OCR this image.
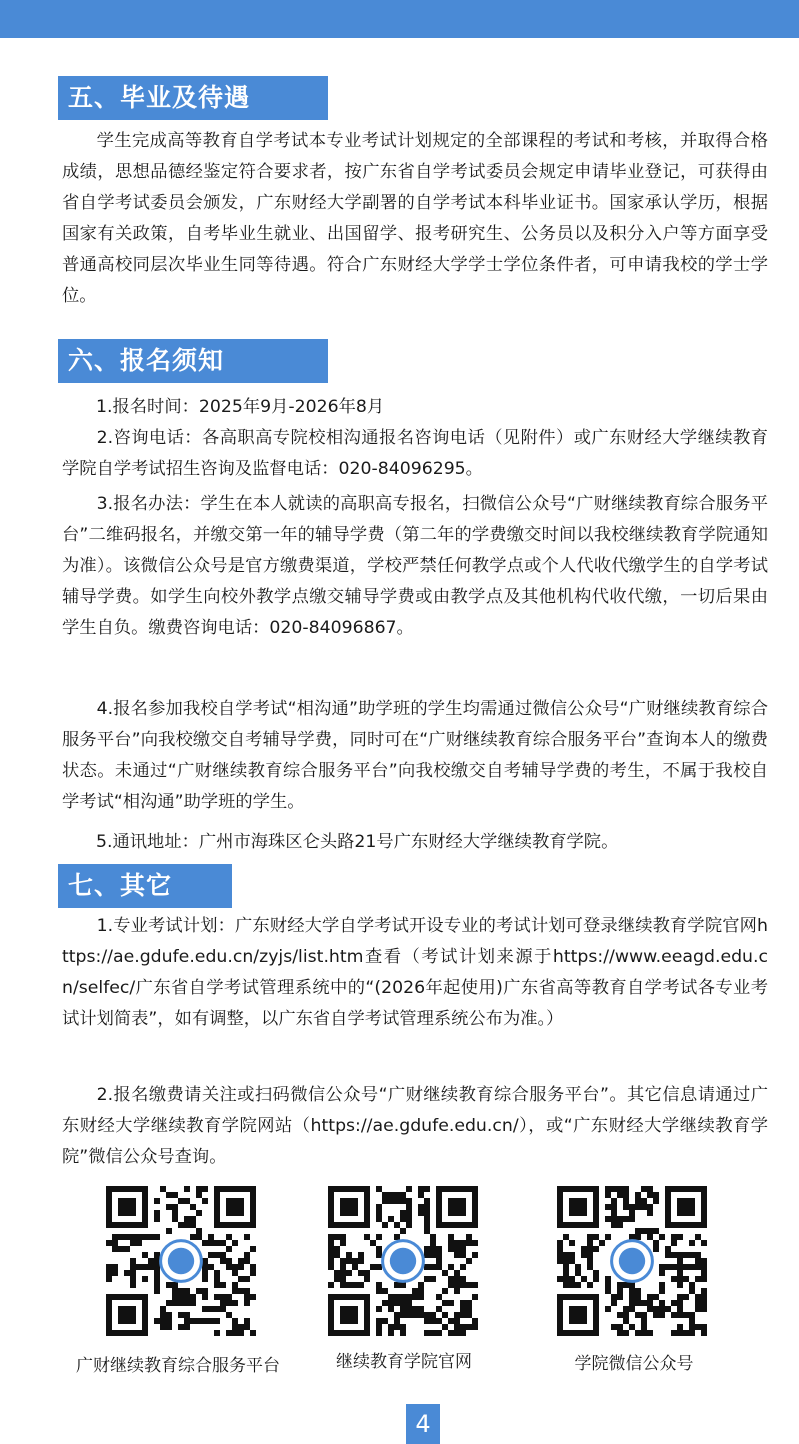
五、毕业及待遇

学生完成高等教育自学考试本专业考试计划规定的全部课程的考试和考核，并取得合格成绩，思想品德经鉴定符合要求者，按广东省自学考试委员会规定申请毕业登记，可获得由省自学考试委员会颁发，广东财经大学副署的自学考试本科毕业证书。国家承认学历，根据国家有关政策，自考毕业生就业、出国留学、报考研究生、公务员以及积分入户等方面享受普通高校同层次毕业生同等待遇。符合广东财经大学学士学位条件者，可申请我校的学士学位。

六、报名须知

1.报名时间：2025年9月-2026年8月

2.咨询电话：各高职高专院校相沟通报名咨询电话（见附件）或广东财经大学继续教育学院自学考试招生咨询及监督电话：020-84096295。

3.报名办法：学生在本人就读的高职高专报名，扫微信公众号“广财继续教育综合服务平台”二维码报名，并缴交第一年的辅导学费（第二年的学费缴交时间以我校继续教育学院通知为准）。该微信公众号是官方缴费渠道，学校严禁任何教学点或个人代收代缴学生的自学考试辅导学费。如学生向校外教学点缴交辅导学费或由教学点及其他机构代收代缴，一切后果由学生自负。缴费咨询电话：020-84096867。

4.报名参加我校自学考试“相沟通”助学班的学生均需通过微信公众号“广财继续教育综合服务平台”向我校缴交自考辅导学费，同时可在“广财继续教育综合服务平台”查询本人的缴费状态。未通过“广财继续教育综合服务平台”向我校缴交自考辅导学费的考生，不属于我校自学考试“相沟通”助学班的学生。

5.通讯地址：广州市海珠区仑头路21号广东财经大学继续教育学院。

七、其它

1.专业考试计划：广东财经大学自学考试开设专业的考试计划可登录继续教育学院官网https://ae.gdufe.edu.cn/zyjs/list.htm查看（考试计划来源于https://www.eeagd.edu.cn/selfec/广东省自学考试管理系统中的“(2026年起使用)广东省高等教育自学考试各专业考试计划简表”，如有调整，以广东省自学考试管理系统公布为准。）

2.报名缴费请关注或扫码微信公众号“广财继续教育综合服务平台”。其它信息请通过广东财经大学继续教育学院网站（https://ae.gdufe.edu.cn/），或“广东财经大学继续教育学院”微信公众号查询。

广财继续教育综合服务平台	继续教育学院官网	学院微信公众号
4
